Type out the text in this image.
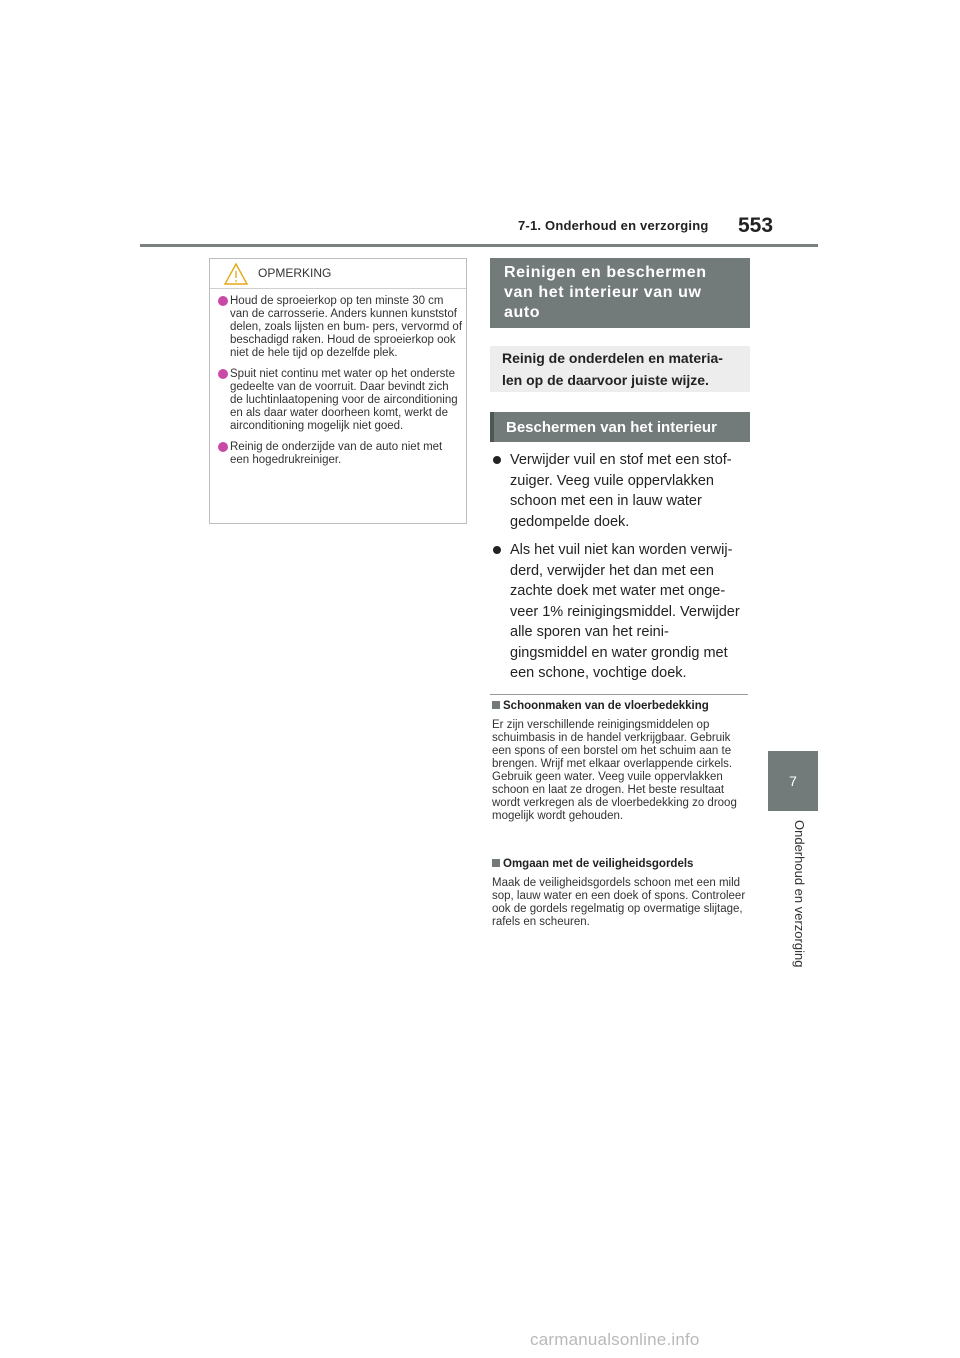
7-1. Onderhoud en verzorging 553
7
Onderhoud en verzorging
OPMERKING
Houd de sproeierkop op ten minste 30 cm van de carrosserie. Anders kunnen kunststof delen, zoals lijsten en bum- pers, vervormd of beschadigd raken. Houd de sproeierkop ook niet de hele tijd op dezelfde plek.
Spuit niet continu met water op het onderste gedeelte van de voorruit. Daar bevindt zich de luchtinlaatopening voor de airconditioning en als daar water doorheen komt, werkt de airconditioning mogelijk niet goed.
Reinig de onderzijde van de auto niet met een hogedrukreiniger.
Reinigen en beschermen van het interieur van uw auto
Reinig de onderdelen en materia- len op de daarvoor juiste wijze.
Beschermen van het interieur
Verwijder vuil en stof met een stof- zuiger. Veeg vuile oppervlakken schoon met een in lauw water gedompelde doek.
Als het vuil niet kan worden verwij- derd, verwijder het dan met een zachte doek met water met onge- veer 1% reinigingsmiddel. Verwijder alle sporen van het reini- gingsmiddel en water grondig met een schone, vochtige doek.
Schoonmaken van de vloerbedekking
Er zijn verschillende reinigingsmiddelen op schuimbasis in de handel verkrijgbaar. Gebruik een spons of een borstel om het schuim aan te brengen. Wrijf met elkaar overlappende cirkels. Gebruik geen water. Veeg vuile oppervlakken schoon en laat ze drogen. Het beste resultaat wordt verkregen als de vloerbedekking zo droog mogelijk wordt gehouden.
Omgaan met de veiligheidsgordels
Maak de veiligheidsgordels schoon met een mild sop, lauw water en een doek of spons. Controleer ook de gordels regelmatig op overmatige slijtage, rafels en scheuren.
carmanualsonline.info
